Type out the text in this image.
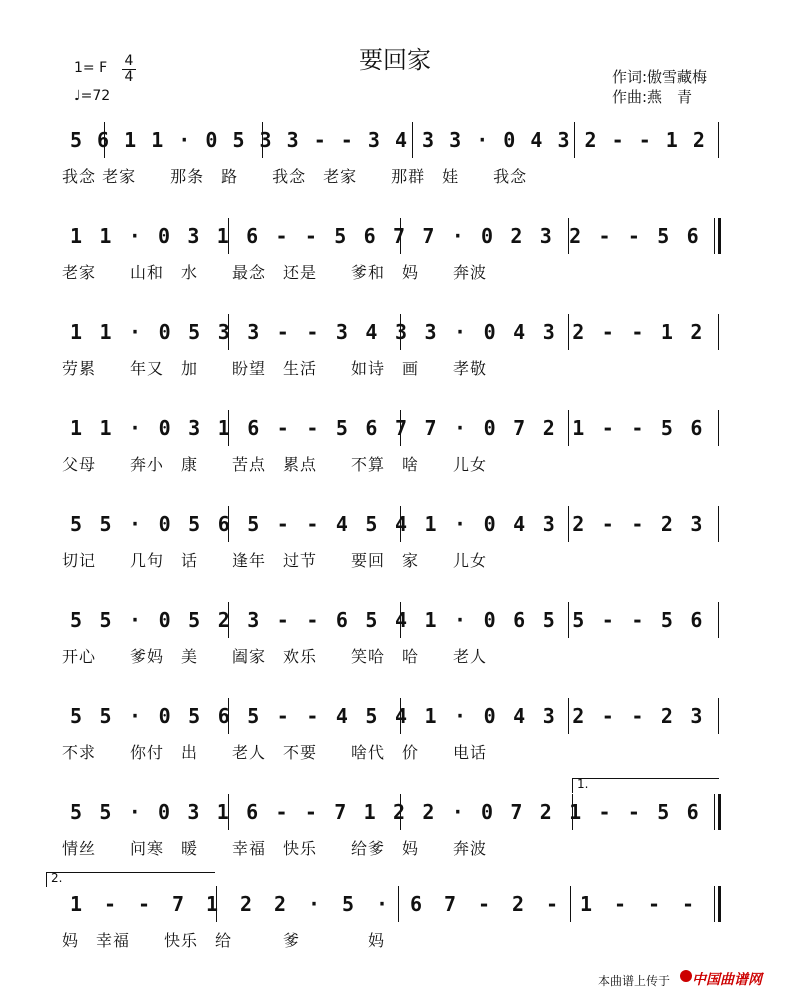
要回家
作词:傲雪藏梅
作曲:燕　青
1= F 4
4
♩=72
我念 老家　　那条　路　　我念　老家　　那群　娃　　我念
5 6 1 1 · 0 5 3 3 - - 3 4 3 3 · 0 4 3 2 - - 1 2
老家　　山和　水　　最念　还是　　爹和　妈　　奔波
1 1 · 0 3 1 6 - - 5 6 7 7 · 0 2 3 2 - - 5 6
劳累　　年又　加　　盼望　生活　　如诗　画　　孝敬
1 1 · 0 5 3 3 - - 3 4 3 3 · 0 4 3 2 - - 1 2
父母　　奔小　康　　苦点　累点　　不算　啥　　儿女
1 1 · 0 3 1 6 - - 5 6 7 7 · 0 7 2 1 - - 5 6
切记　　几句　话　　逢年　过节　　要回　家　　儿女
5 5 · 0 5 6 5 - - 4 5 4 1 · 0 4 3 2 - - 2 3
开心　　爹妈　美　　阖家　欢乐　　笑哈　哈　　老人
5 5 · 0 5 2 3 - - 6 5 4 1 · 0 6 5 5 - - 5 6
不求　　你付　出　　老人　不要　　啥代　价　　电话
5 5 · 0 5 6 5 - - 4 5 4 1 · 0 4 3 2 - - 2 3
1.
情丝　　问寒　暖　　幸福　快乐　　给爹　妈　　奔波
5 5 · 0 3 1 6 - - 7 1 2 2 · 0 7 2 1 - - 5 6
2.
妈　幸福　　快乐　给　　　爹　　　　妈
1 - - 7 1 2 2 · 5 · 6 7 - 2 - 1 - - -
本曲谱上传于 中国曲谱网
